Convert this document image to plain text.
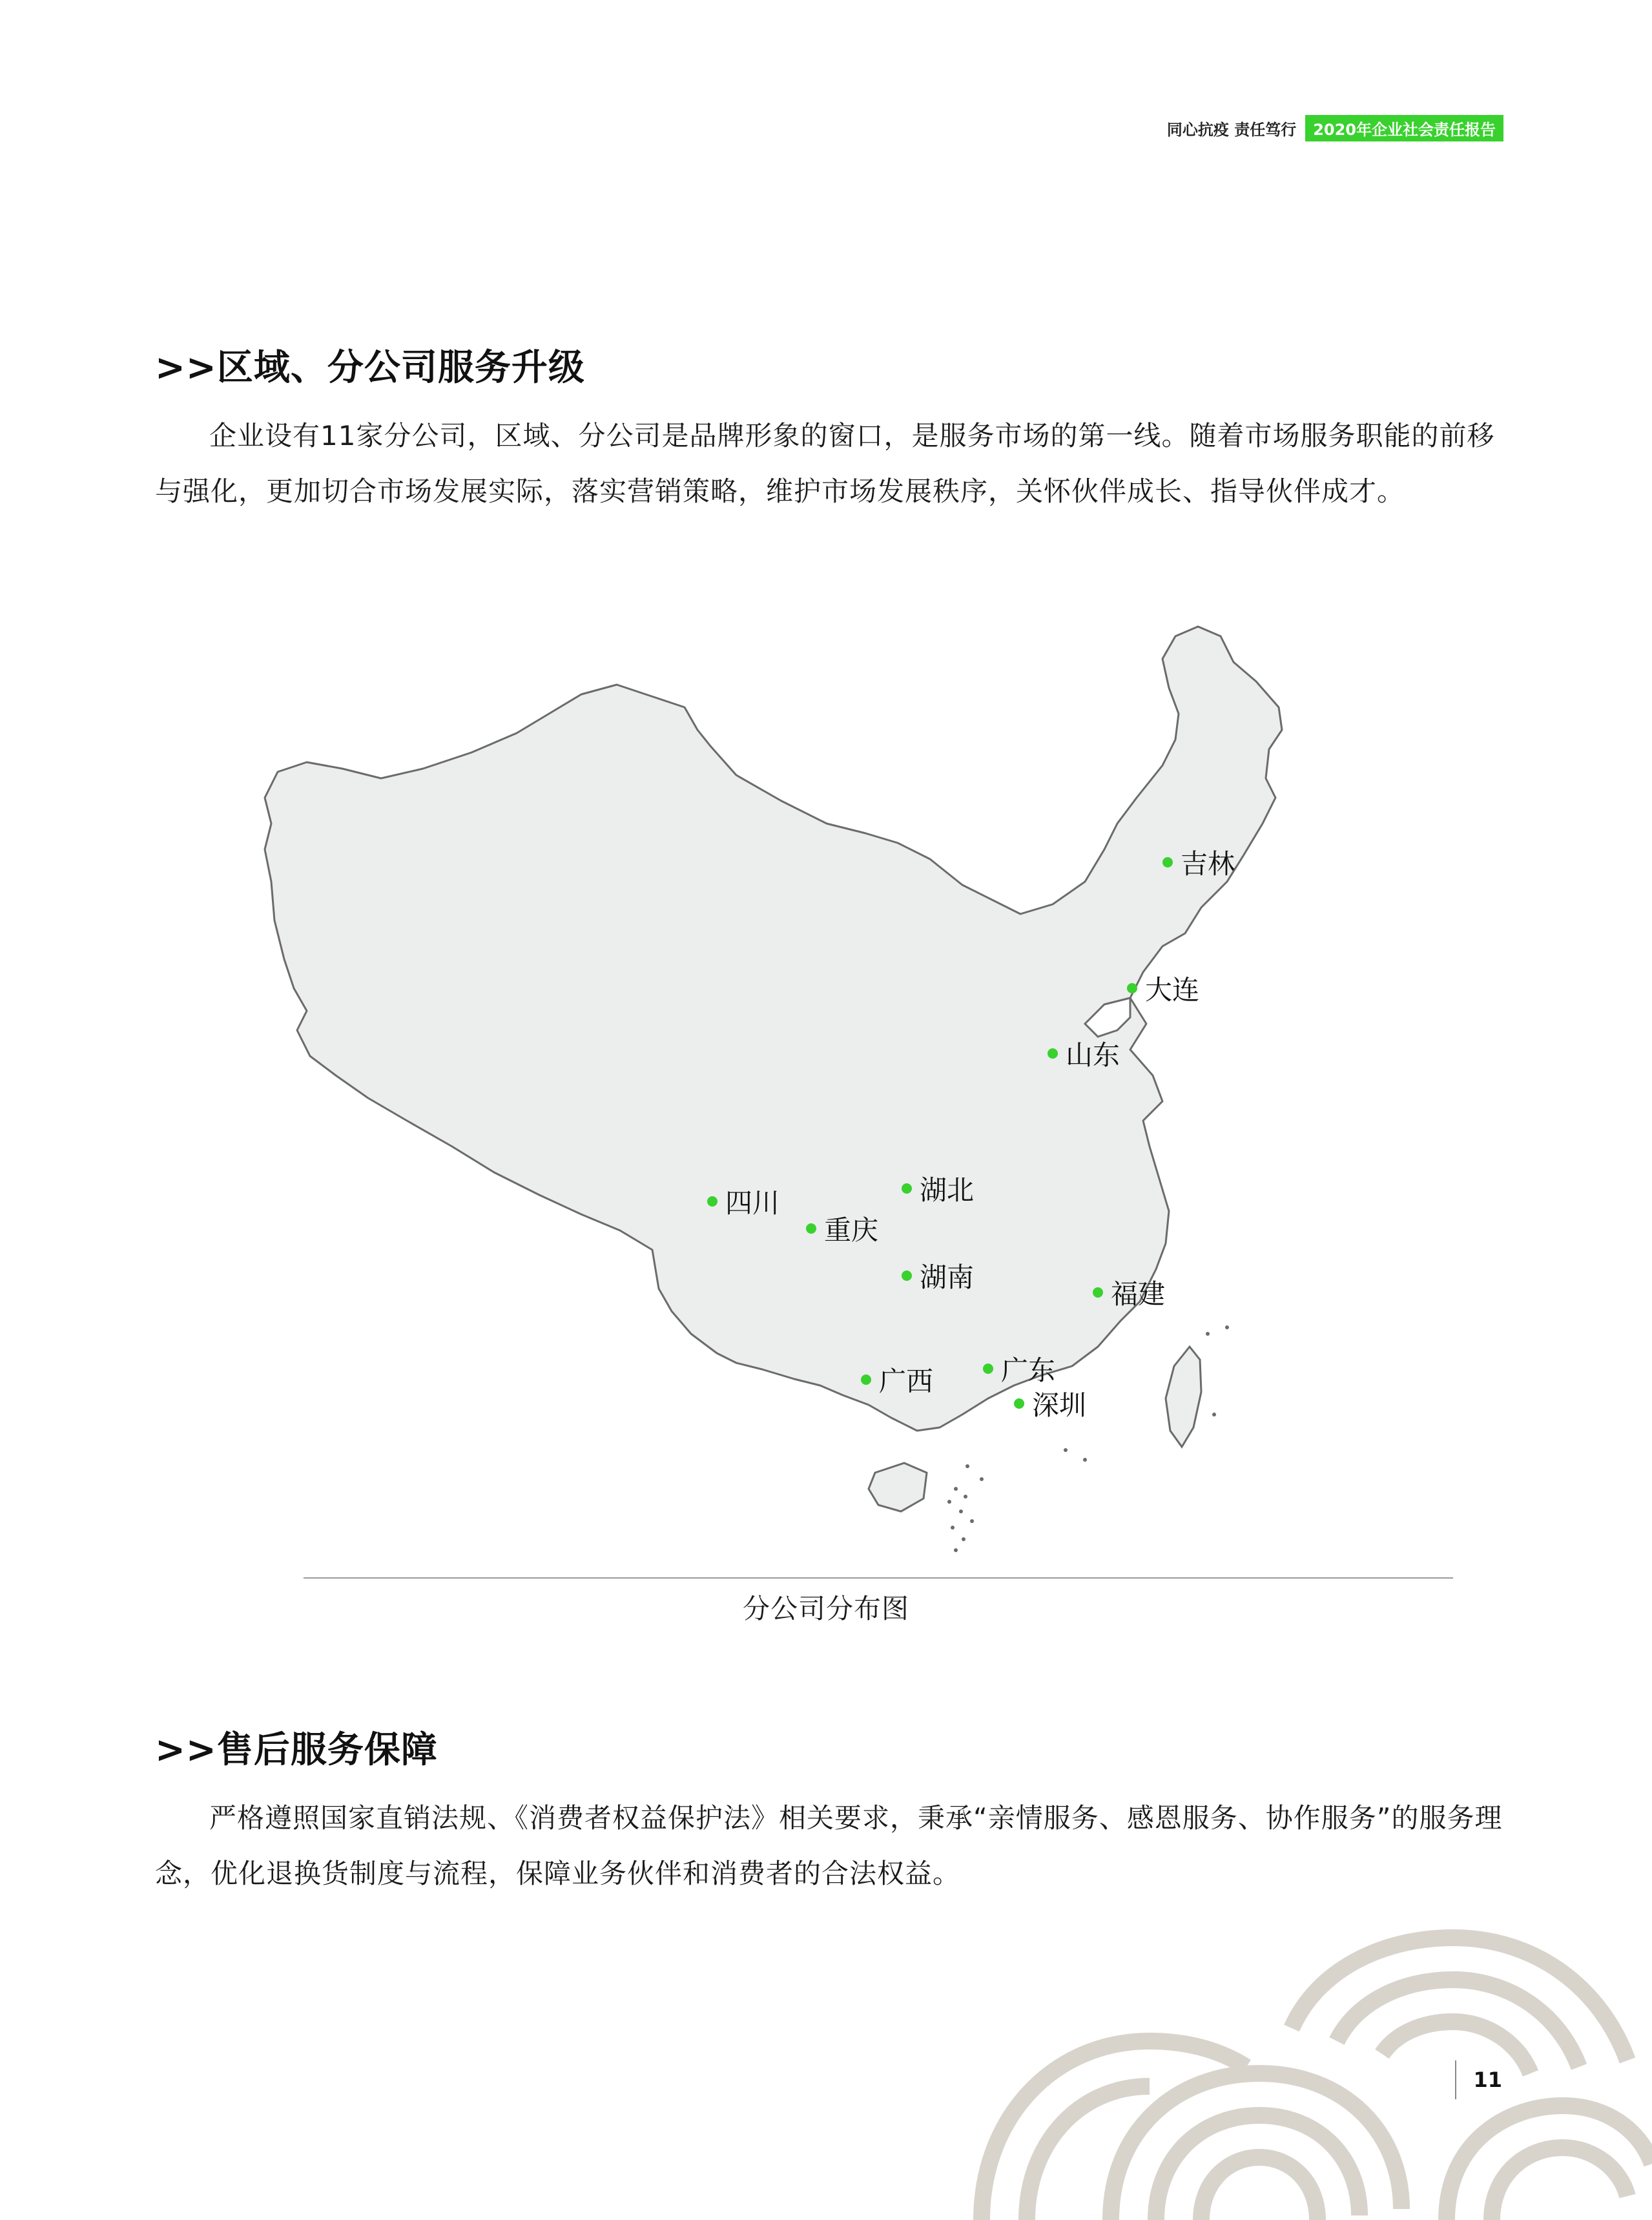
同心抗疫 责任笃行	2020年企业社会责任报告
>>区域、分公司服务升级
企业设有11家分公司，区域、分公司是品牌形象的窗口，是服务市场的第一线。随着市场服务职能的前移与强化，更加切合市场发展实际，落实营销策略，维护市场发展秩序，关怀伙伴成长、指导伙伴成才。
吉林
大连
山东
湖北
四川
重庆
湖南
福建
广东
广西
深圳
分公司分布图
>>售后服务保障
严格遵照国家直销法规、《消费者权益保护法》相关要求，秉承“亲情服务、感恩服务、协作服务”的服务理念，优化退换货制度与流程，保障业务伙伴和消费者的合法权益。
11
